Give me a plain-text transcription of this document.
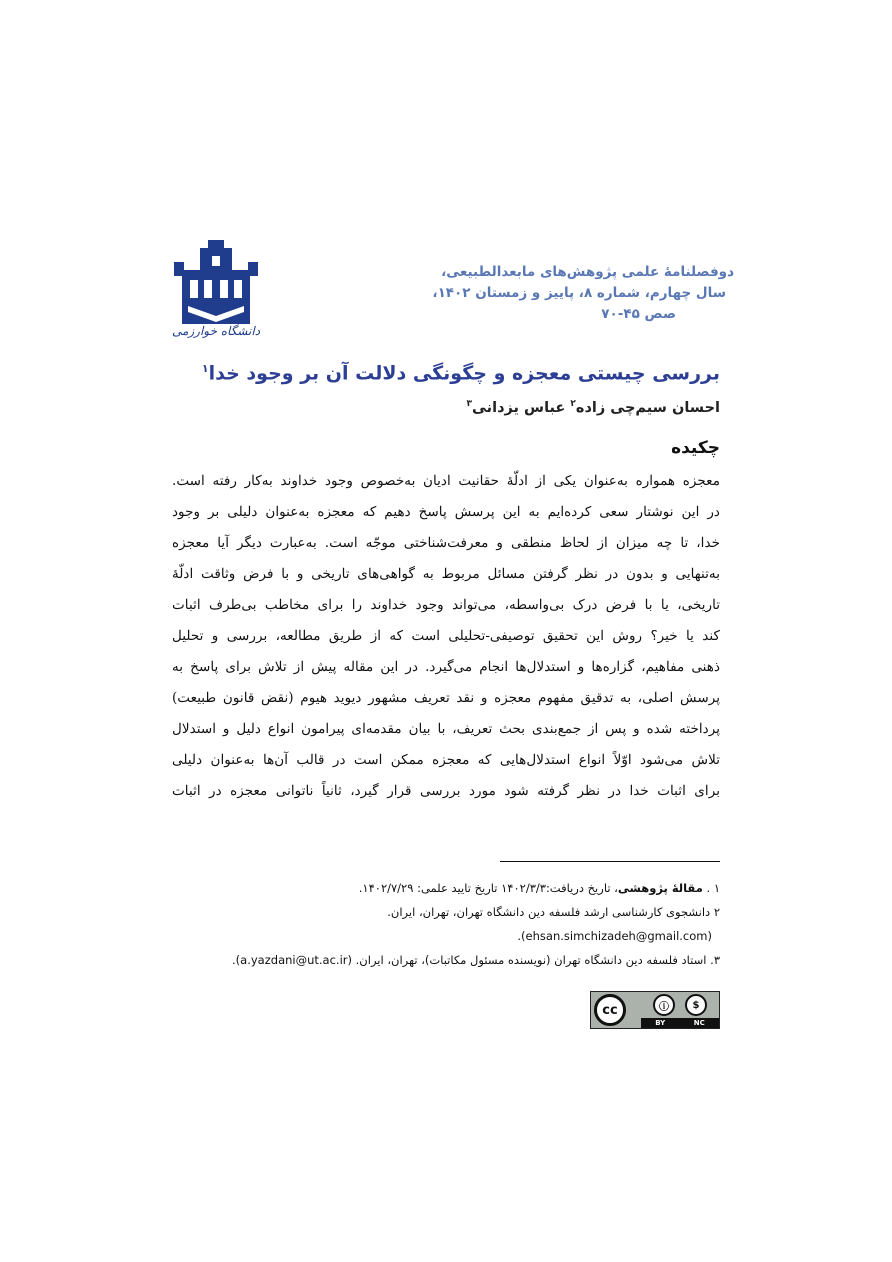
دوفصلنامهٔ علمی پژوهش‌های مابعدالطبیعی،
سال چهارم، شماره ۸، پاییز و زمستان ۱۴۰۲،
صص ۴۵-۷۰
دانشگاه خوارزمی
بررسی چیستی معجزه و چگونگی دلالت آن بر وجود خدا$^۱$
احسان سیم‌چی زاده$^۲$ عباس یزدانی$^۳$
چکیده
معجزه همواره به‌عنوان یکی از ادلّهٔ حقانیت ادیان به‌خصوص وجود خداوند به‌کار رفته است.
در این نوشتار سعی کرده‌ایم به این پرسش پاسخ دهیم که معجزه به‌عنوان دلیلی بر وجود
خدا، تا چه میزان از لحاظ منطقی و معرفت‌شناختی موجّه است. به‌عبارت دیگر آیا معجزه
به‌تنهایی و بدون در نظر گرفتن مسائل مربوط به گواهی‌های تاریخی و با فرض وثاقت ادلّهٔ
تاریخی، یا با فرض درک بی‌واسطه، می‌تواند وجود خداوند را برای مخاطب بی‌طرف اثبات
کند یا خیر؟ روش این تحقیق توصیفی-تحلیلی است که از طریق مطالعه، بررسی و تحلیل
ذهنی مفاهیم، گزاره‌ها و استدلال‌ها انجام می‌گیرد. در این مقاله پیش از تلاش برای پاسخ به
پرسش اصلی، به تدقیق مفهوم معجزه و نقد تعریف مشهور دیوید هیوم (نقض قانون طبیعت)
پرداخته شده و پس از جمع‌بندی بحث تعریف، با بیان مقدمه‌ای پیرامون انواع دلیل و استدلال
تلاش می‌شود اوّلاً انواع استدلال‌هایی که معجزه ممکن است در قالب آن‌ها به‌عنوان دلیلی
برای اثبات خدا در نظر گرفته شود مورد بررسی قرار گیرد، ثانیاً ناتوانی معجزه در اثبات
۱ . مقالهٔ پژوهشی، تاریخ دریافت:۱۴۰۲/۳/۳ تاریخ تایید علمی: ۱۴۰۲/۷/۲۹.
۲ دانشجوی کارشناسی ارشد فلسفه دین دانشگاه تهران، تهران، ایران.
(ehsan.simchizadeh@gmail.com).
۳. استاد فلسفه دین دانشگاه تهران (نویسنده مسئول مکاتبات)، تهران، ایران. (a.yazdani@ut.ac.ir).
cc	ⓘ	$
BY	NC
